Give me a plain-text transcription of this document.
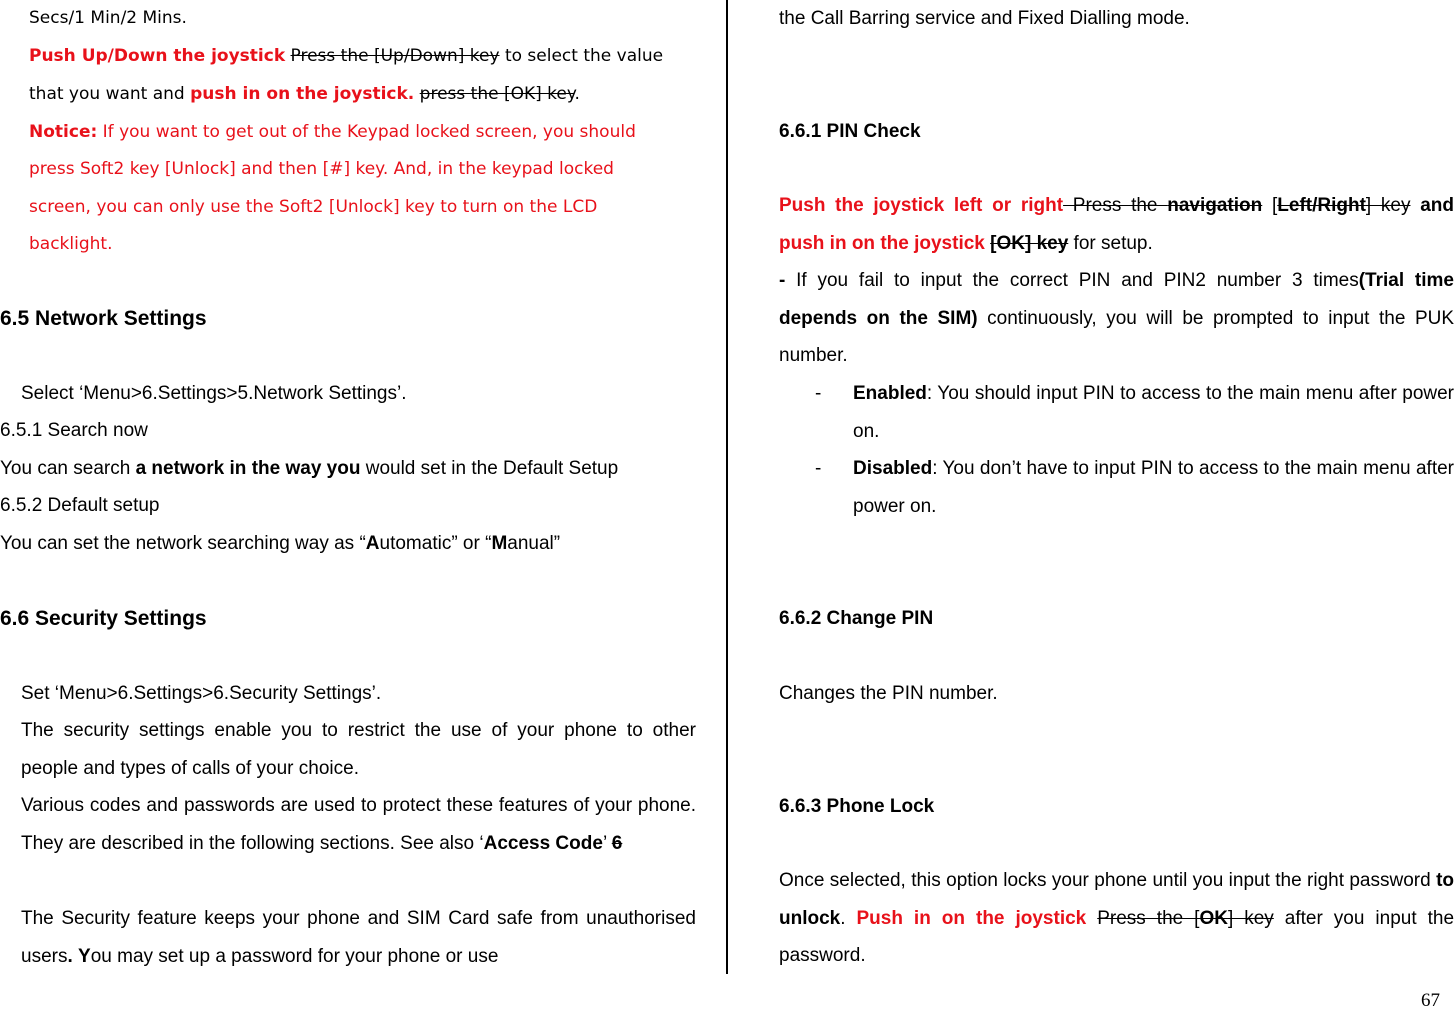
Secs/1 Min/2 Mins.
Push Up/Down the joystick Press the [Up/Down] key to select the value
that you want and push in on the joystick. press the [OK] key.
Notice: If you want to get out of the Keypad locked screen, you should
press Soft2 key [Unlock] and then [#] key. And, in the keypad locked
screen, you can only use the Soft2 [Unlock] key to turn on the LCD
backlight.
6.5 Network Settings
Select ‘Menu>6.Settings>5.Network Settings’.
6.5.1 Search now
You can search a network in the way you would set in the Default Setup
6.5.2 Default setup
You can set the network searching way as “Automatic” or “Manual”
6.6 Security Settings
Set ‘Menu>6.Settings>6.Security Settings’.
The security settings enable you to restrict the use of your phone to other people and types of calls of your choice.
Various codes and passwords are used to protect these features of your phone. They are described in the following sections. See also ‘Access Code’ 6
The Security feature keeps your phone and SIM Card safe from unauthorised users. You may set up a password for your phone or use
the Call Barring service and Fixed Dialling mode.
6.6.1 PIN Check
Push the joystick left or right Press the navigation [Left/Right] key and push in on the joystick [OK] key for setup.
- If you fail to input the correct PIN and PIN2 number 3 times(Trial time depends on the SIM) continuously, you will be prompted to input the PUK number.
- Enabled: You should input PIN to access to the main menu after power on.
- Disabled: You don’t have to input PIN to access to the main menu after power on.
6.6.2 Change PIN
Changes the PIN number.
6.6.3 Phone Lock
Once selected, this option locks your phone until you input the right password to unlock. Push in on the joystick Press the [OK] key after you input the password.
67
